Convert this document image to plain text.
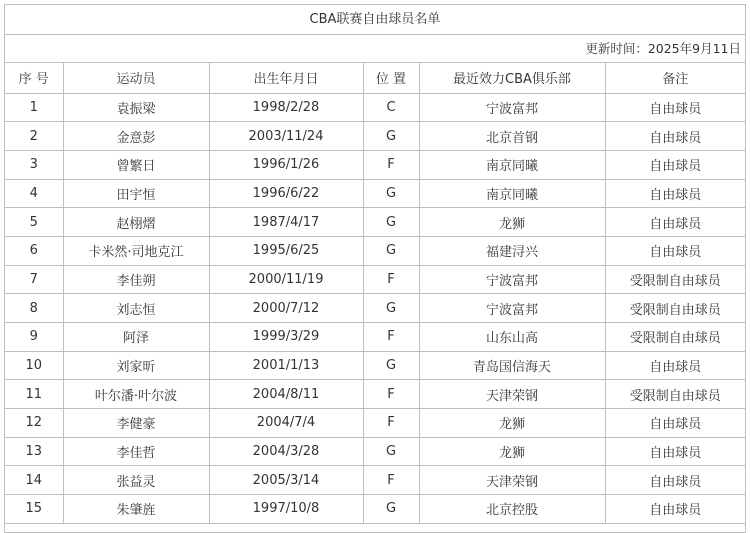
CBA联赛自由球员名单
更新时间：2025年9月11日
序 号	运动员	出生年月日	位 置	最近效力CBA俱乐部	备注
1	袁振梁	1998/2/28	C	宁波富邦	自由球员
2	金意彭	2003/11/24	G	北京首钢	自由球员
3	曾繁日	1996/1/26	F	南京同曦	自由球员
4	田宇恒	1996/6/22	G	南京同曦	自由球员
5	赵栩熠	1987/4/17	G	龙狮	自由球员
6	卡米然·司地克江	1995/6/25	G	福建浔兴	自由球员
7	李佳朔	2000/11/19	F	宁波富邦	受限制自由球员
8	刘志恒	2000/7/12	G	宁波富邦	受限制自由球员
9	阿泽	1999/3/29	F	山东山高	受限制自由球员
10	刘家昕	2001/1/13	G	青岛国信海天	自由球员
11	叶尔潘·叶尔波	2004/8/11	F	天津荣钢	受限制自由球员
12	李健豪	2004/7/4	F	龙狮	自由球员
13	李佳哲	2004/3/28	G	龙狮	自由球员
14	张益灵	2005/3/14	F	天津荣钢	自由球员
15	朱肇旌	1997/10/8	G	北京控股	自由球员
